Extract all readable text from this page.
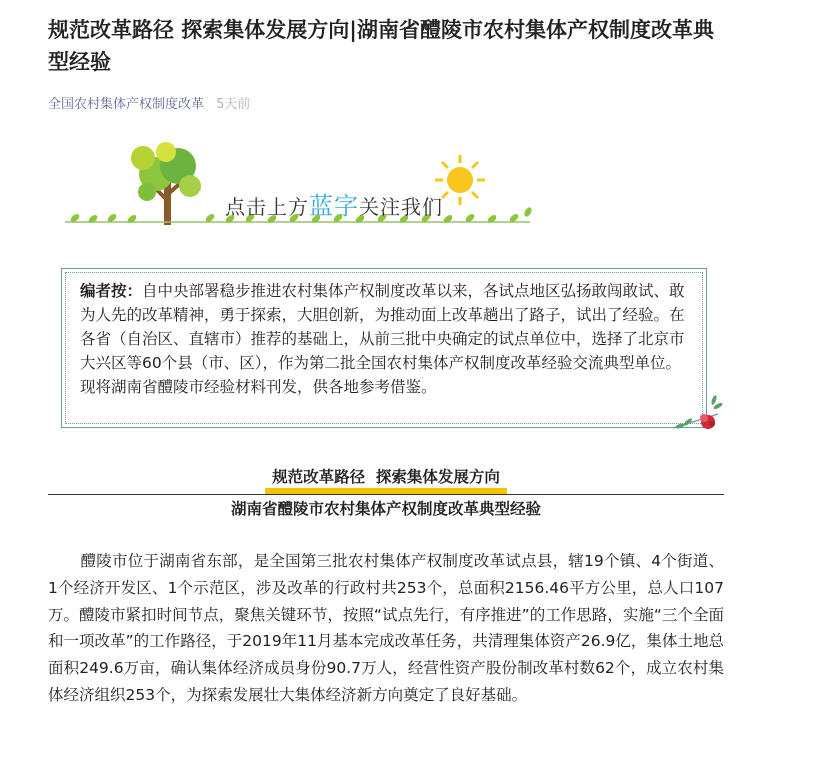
规范改革路径 探索集体发展方向|湖南省醴陵市农村集体产权制度改革典型经验
全国农村集体产权制度改革 5天前
点击上方蓝字关注我们

编者按：自中央部署稳步推进农村集体产权制度改革以来，各试点地区弘扬敢闯敢试、敢为人先的改革精神，勇于探索，大胆创新，为推动面上改革趟出了路子，试出了经验。在各省（自治区、直辖市）推荐的基础上，从前三批中央确定的试点单位中，选择了北京市大兴区等60个县（市、区），作为第二批全国农村集体产权制度改革经验交流典型单位。现将湖南省醴陵市经验材料刊发，供各地参考借鉴。

规范改革路径  探索集体发展方向
湖南省醴陵市农村集体产权制度改革典型经验

醴陵市位于湖南省东部，是全国第三批农村集体产权制度改革试点县，辖19个镇、4个街道、1个经济开发区、1个示范区，涉及改革的行政村共253个，总面积2156.46平方公里，总人口107万。醴陵市紧扣时间节点，聚焦关键环节，按照“试点先行，有序推进”的工作思路，实施“三个全面和一项改革”的工作路径，于2019年11月基本完成改革任务，共清理集体资产26.9亿，集体土地总面积249.6万亩，确认集体经济成员身份90.7万人，经营性资产股份制改革村数62个，成立农村集体经济组织253个，为探索发展壮大集体经济新方向奠定了良好基础。
